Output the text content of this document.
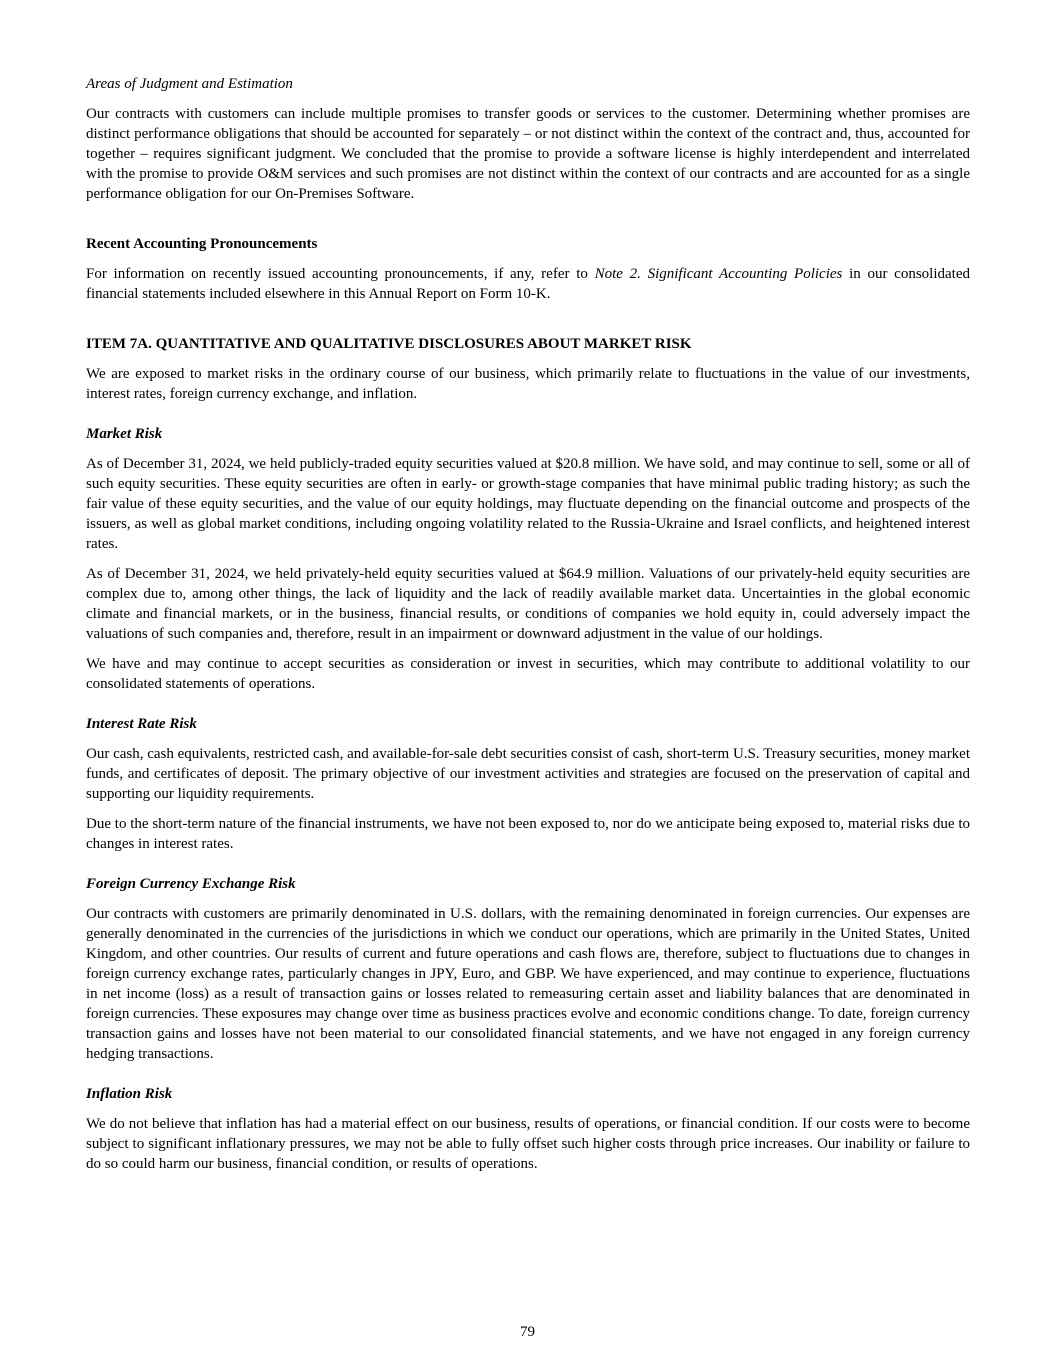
Areas of Judgment and Estimation

Our contracts with customers can include multiple promises to transfer goods or services to the customer. Determining whether promises are distinct performance obligations that should be accounted for separately – or not distinct within the context of the contract and, thus, accounted for together – requires significant judgment. We concluded that the promise to provide a software license is highly interdependent and interrelated with the promise to provide O&M services and such promises are not distinct within the context of our contracts and are accounted for as a single performance obligation for our On-Premises Software.

Recent Accounting Pronouncements

For information on recently issued accounting pronouncements, if any, refer to Note 2. Significant Accounting Policies in our consolidated financial statements included elsewhere in this Annual Report on Form 10-K.

ITEM 7A. QUANTITATIVE AND QUALITATIVE DISCLOSURES ABOUT MARKET RISK

We are exposed to market risks in the ordinary course of our business, which primarily relate to fluctuations in the value of our investments, interest rates, foreign currency exchange, and inflation.

Market Risk

As of December 31, 2024, we held publicly-traded equity securities valued at $20.8 million. We have sold, and may continue to sell, some or all of such equity securities. These equity securities are often in early- or growth-stage companies that have minimal public trading history; as such the fair value of these equity securities, and the value of our equity holdings, may fluctuate depending on the financial outcome and prospects of the issuers, as well as global market conditions, including ongoing volatility related to the Russia-Ukraine and Israel conflicts, and heightened interest rates.

As of December 31, 2024, we held privately-held equity securities valued at $64.9 million. Valuations of our privately-held equity securities are complex due to, among other things, the lack of liquidity and the lack of readily available market data. Uncertainties in the global economic climate and financial markets, or in the business, financial results, or conditions of companies we hold equity in, could adversely impact the valuations of such companies and, therefore, result in an impairment or downward adjustment in the value of our holdings.

We have and may continue to accept securities as consideration or invest in securities, which may contribute to additional volatility to our consolidated statements of operations.

Interest Rate Risk

Our cash, cash equivalents, restricted cash, and available-for-sale debt securities consist of cash, short-term U.S. Treasury securities, money market funds, and certificates of deposit. The primary objective of our investment activities and strategies are focused on the preservation of capital and supporting our liquidity requirements.

Due to the short-term nature of the financial instruments, we have not been exposed to, nor do we anticipate being exposed to, material risks due to changes in interest rates.

Foreign Currency Exchange Risk

Our contracts with customers are primarily denominated in U.S. dollars, with the remaining denominated in foreign currencies. Our expenses are generally denominated in the currencies of the jurisdictions in which we conduct our operations, which are primarily in the United States, United Kingdom, and other countries. Our results of current and future operations and cash flows are, therefore, subject to fluctuations due to changes in foreign currency exchange rates, particularly changes in JPY, Euro, and GBP. We have experienced, and may continue to experience, fluctuations in net income (loss) as a result of transaction gains or losses related to remeasuring certain asset and liability balances that are denominated in foreign currencies. These exposures may change over time as business practices evolve and economic conditions change. To date, foreign currency transaction gains and losses have not been material to our consolidated financial statements, and we have not engaged in any foreign currency hedging transactions.

Inflation Risk

We do not believe that inflation has had a material effect on our business, results of operations, or financial condition. If our costs were to become subject to significant inflationary pressures, we may not be able to fully offset such higher costs through price increases. Our inability or failure to do so could harm our business, financial condition, or results of operations.

79
